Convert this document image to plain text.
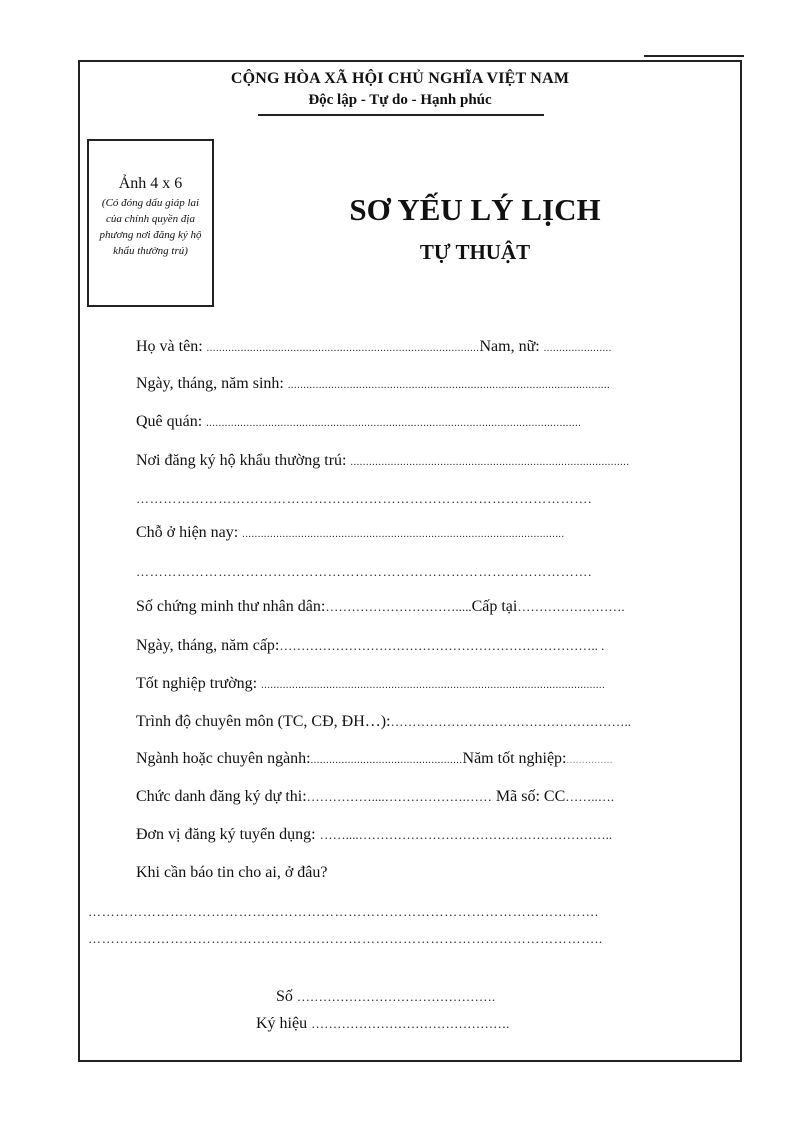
CỘNG HÒA XÃ HỘI CHỦ NGHĨA VIỆT NAM
Độc lập - Tự do - Hạnh phúc
Ảnh 4 x 6
(Có đóng dấu giáp lai của chính quyền địa phương nơi đăng ký hộ khẩu thường trú)
SƠ YẾU LÝ LỊCH
TỰ THUẬT
Họ và tên: ........................................................................................Nam, nữ: ......................
Ngày, tháng, năm sinh: ........................................................................................................
Quê quán: .........................................................................................................................
Nơi đăng ký hộ khẩu thường trú: ..........................................................................................
……………………………………………………………………………………….
Chỗ ở hiện nay: ........................................................................................................
……………………………………………………………………………………….
Số chứng minh thư nhân dân:………………………….....Cấp tại…………………….
Ngày, tháng, năm cấp:……………………………………………………………….. .
Tốt nghiệp trường: ...............................................................................................................
Trình độ chuyên môn (TC, CĐ, ĐH…):………………………………………………..
Ngành hoặc chuyên ngành:.................................................Năm tốt nghiệp:...............
Chức danh đăng ký dự thi:……………....……………….…… Mã số: CC……..….
Đơn vị đăng ký tuyển dụng: ……....…………………………………………………..
Khi cần báo tin cho ai, ở đâu?
………………………………………………………………………………………………….
…………………………………………………………………………………………………..
Số ……………………………………….
Ký hiệu ……………………………………….
